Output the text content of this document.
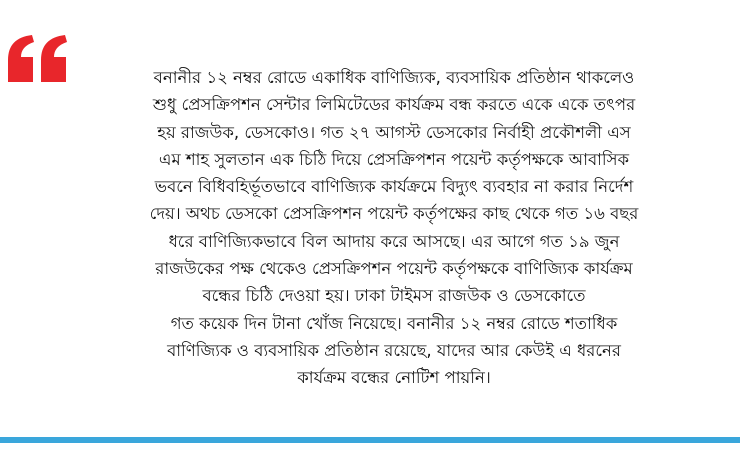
বনানীর ১২ নম্বর রোডে একাধিক বাণিজ্যিক, ব্যবসায়িক প্রতিষ্ঠান থাকলেও
শুধু প্রেসক্রিপশন সেন্টার লিমিটেডের কার্যক্রম বন্ধ করতে একে একে তৎপর
হয় রাজউক, ডেসকোও। গত ২৭ আগস্ট ডেসকোর নির্বাহী প্রকৌশলী এস
এম শাহ সুলতান এক চিঠি দিয়ে প্রেসক্রিপশন পয়েন্ট কর্তৃপক্ষকে আবাসিক
ভবনে বিধিবহির্ভূতভাবে বাণিজ্যিক কার্যক্রমে বিদ্যুৎ ব্যবহার না করার নির্দেশ
দেয়। অথচ ডেসকো প্রেসক্রিপশন পয়েন্ট কর্তৃপক্ষের কাছ থেকে গত ১৬ বছর
ধরে বাণিজ্যিকভাবে বিল আদায় করে আসছে। এর আগে গত ১৯ জুন
রাজউকের পক্ষ থেকেও প্রেসক্রিপশন পয়েন্ট কর্তৃপক্ষকে বাণিজ্যিক কার্যক্রম
বন্ধের চিঠি দেওয়া হয়। ঢাকা টাইমস রাজউক ও ডেসকোতে
গত কয়েক দিন টানা খোঁজ নিয়েছে। বনানীর ১২ নম্বর রোডে শতাধিক
বাণিজ্যিক ও ব্যবসায়িক প্রতিষ্ঠান রয়েছে, যাদের আর কেউই এ ধরনের
কার্যক্রম বন্ধের নোটিশ পায়নি।
